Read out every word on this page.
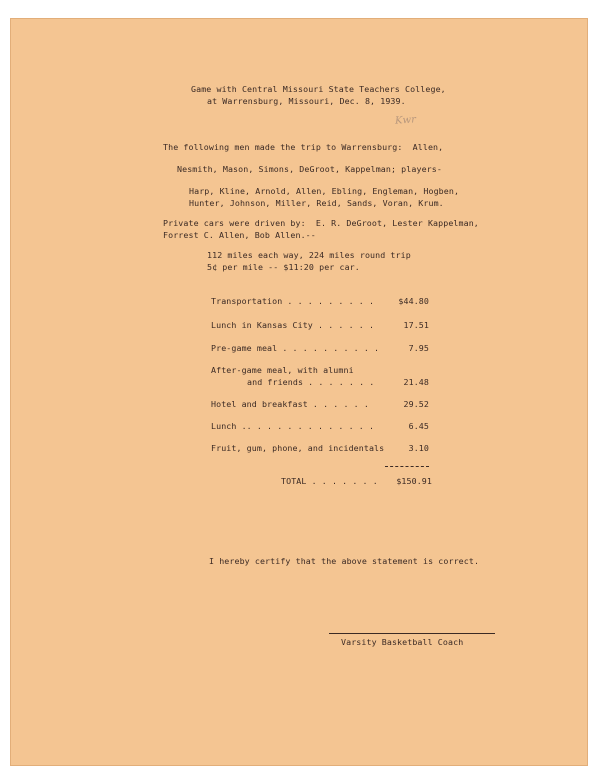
Game with Central Missouri State Teachers College,
at Warrensburg, Missouri, Dec. 8, 1939.
Kwr
The following men made the trip to Warrensburg:  Allen,
Nesmith, Mason, Simons, DeGroot, Kappelman; players-
Harp, Kline, Arnold, Allen, Ebling, Engleman, Hogben,
Hunter, Johnson, Miller, Reid, Sands, Voran, Krum.
Private cars were driven by:  E. R. DeGroot, Lester Kappelman,
Forrest C. Allen, Bob Allen.--
112 miles each way, 224 miles round trip
5¢ per mile -- $11:20 per car.
Transportation . . . . . . . . .	$44.80
Lunch in Kansas City . . . . . .	17.51
Pre-game meal . . . . . . . . . .	7.95
After-game meal, with alumni
and friends . . . . . . .	21.48
Hotel and breakfast . . . . . .	29.52
Lunch .. . . . . . . . . . . . .	6.45
Fruit, gum, phone, and incidentals	3.10
TOTAL . . . . . . . $150.91
I hereby certify that the above statement is correct.
Varsity Basketball Coach
